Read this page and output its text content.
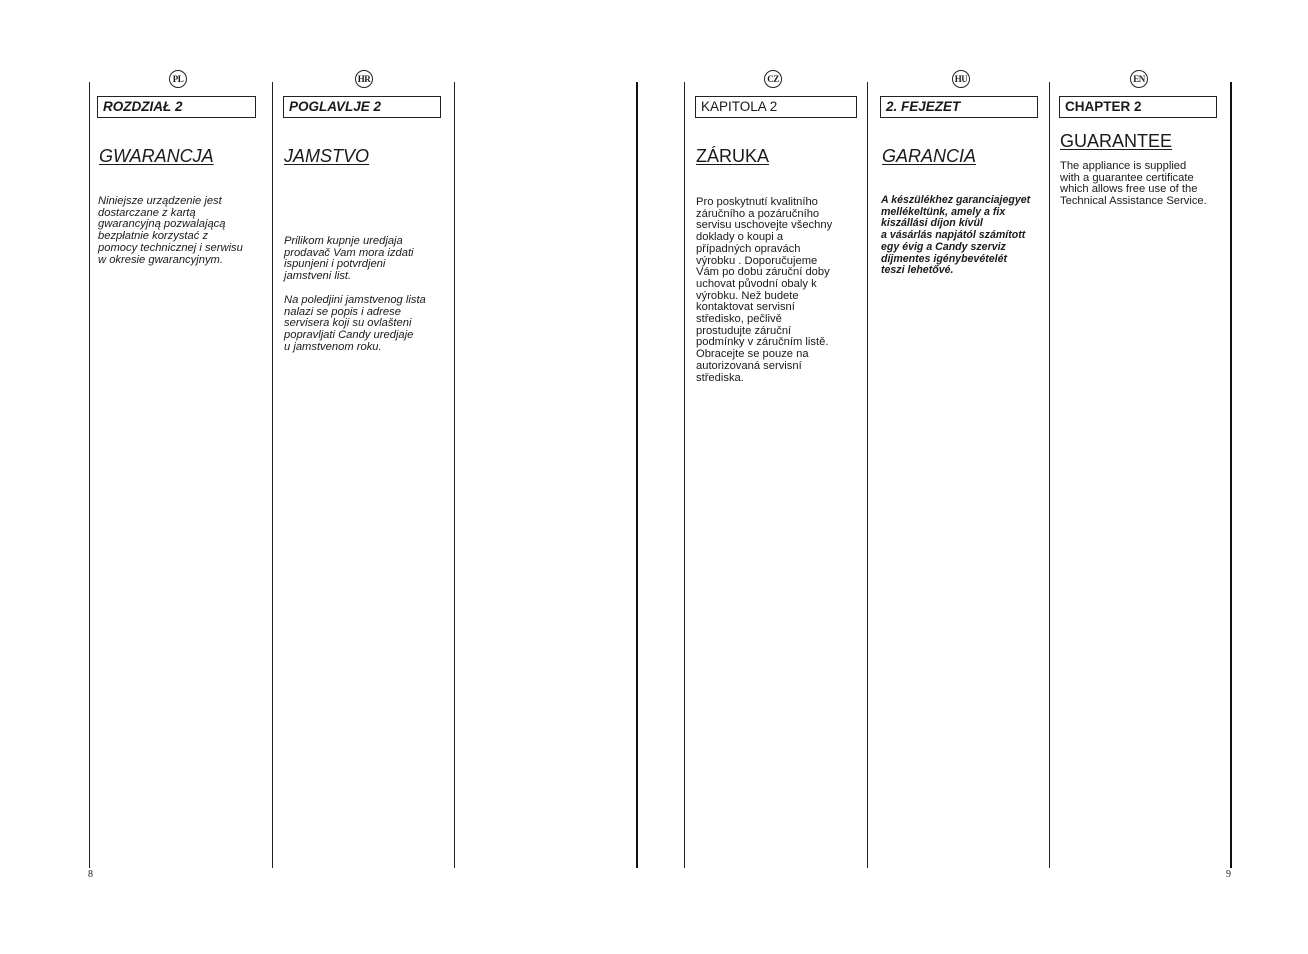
PL
ROZDZIAŁ 2
GWARANCJA
Niniejsze urządzenie jest
dostarczane z kartą
gwarancyjną pozwalającą
bezpłatnie korzystać z
pomocy technicznej i serwisu
w okresie gwarancyjnym.
HR
POGLAVLJE 2
JAMSTVO
Prilikom kupnje uredjaja
prodavač Vam mora izdati
ispunjeni i potvrdjeni
jamstveni list.
Na poledjini jamstvenog lista
nalazi se popis i adrese
servisera koji su ovlašteni
popravljati Candy uredjaje
u jamstvenom roku.
CZ
KAPITOLA 2
ZÁRUKA
Pro poskytnutí kvalitního
záručního a pozáručního
servisu uschovejte všechny
doklady o koupi a
případných opravách
výrobku . Doporučujeme
Vám po dobu záruční doby
uchovat původní obaly k
výrobku. Než budete
kontaktovat servisní
středisko, pečlivě
prostudujte záruční
podmínky v záručním listě.
Obracejte se pouze na
autorizovaná servisní
střediska.
HU
2. FEJEZET
GARANCIA
A készülékhez garanciajegyet
mellékeltünk, amely a fix
kiszállási díjon kívül
a vásárlás napjától számított
egy évig a Candy szerviz
díjmentes igénybevételét
teszi lehetővé.
EN
CHAPTER 2
GUARANTEE
The appliance is supplied
with a guarantee certificate
which allows free use of the
Technical Assistance Service.
8	9
